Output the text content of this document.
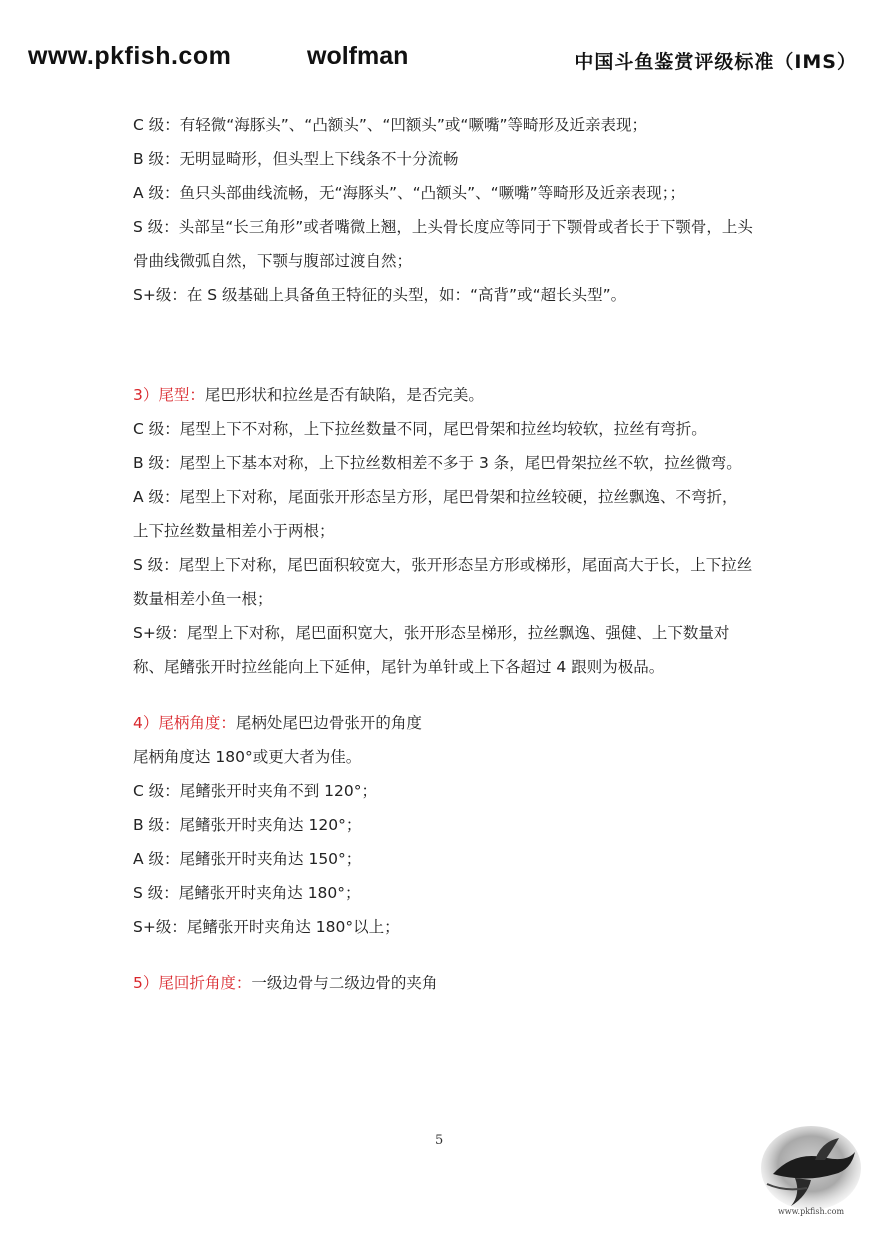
www.pkfish.com	wolfman	中国斗鱼鉴赏评级标准（IMS）
C 级：有轻微“海豚头”、“凸额头”、“凹额头”或“噘嘴”等畸形及近亲表现；
B 级：无明显畸形，但头型上下线条不十分流畅
A 级：鱼只头部曲线流畅，无“海豚头”、“凸额头”、“噘嘴”等畸形及近亲表现；；
S 级：头部呈“长三角形”或者嘴微上翘，上头骨长度应等同于下颚骨或者长于下颚骨，上头骨曲线微弧自然，下颚与腹部过渡自然；
S+级：在 S 级基础上具备鱼王特征的头型，如：“高背”或“超长头型”。
3）尾型：尾巴形状和拉丝是否有缺陷，是否完美。
C 级：尾型上下不对称，上下拉丝数量不同，尾巴骨架和拉丝均较软，拉丝有弯折。
B 级：尾型上下基本对称，上下拉丝数相差不多于 3 条，尾巴骨架拉丝不软，拉丝微弯。
A 级：尾型上下对称，尾面张开形态呈方形，尾巴骨架和拉丝较硬，拉丝飘逸、不弯折，上下拉丝数量相差小于两根；
S 级：尾型上下对称，尾巴面积较宽大，张开形态呈方形或梯形，尾面高大于长，上下拉丝数量相差小鱼一根；
S+级：尾型上下对称，尾巴面积宽大，张开形态呈梯形，拉丝飘逸、强健、上下数量对称、尾鳍张开时拉丝能向上下延伸，尾针为单针或上下各超过 4 跟则为极品。
4）尾柄角度：尾柄处尾巴边骨张开的角度
尾柄角度达 180°或更大者为佳。
C 级：尾鳍张开时夹角不到 120°；
B 级：尾鳍张开时夹角达 120°；
A 级：尾鳍张开时夹角达 150°；
S 级：尾鳍张开时夹角达 180°；
S+级：尾鳍张开时夹角达 180°以上；
5）尾回折角度：一级边骨与二级边骨的夹角
5
www.pkfish.com
